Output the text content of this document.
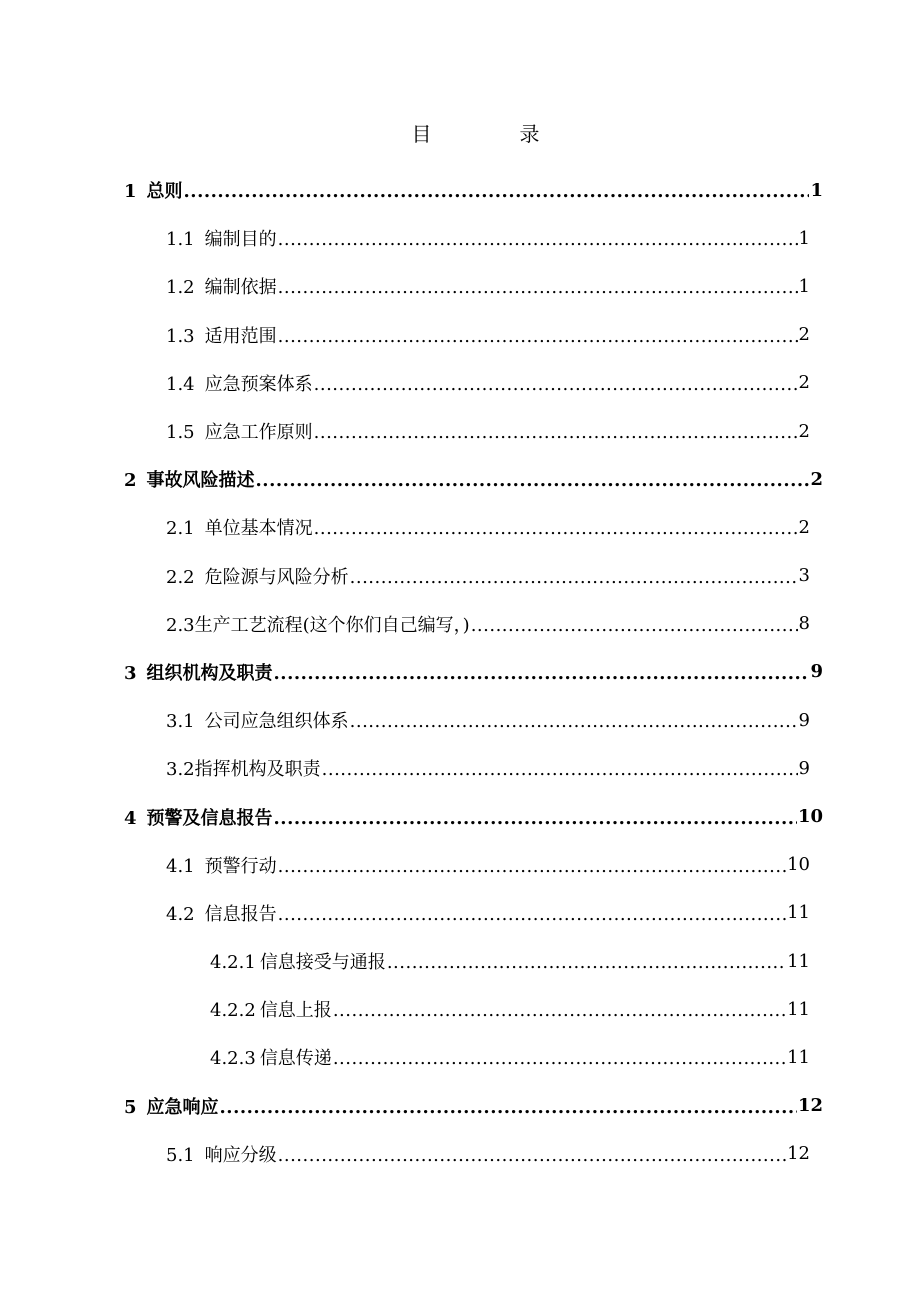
目　录
1 总则 .....	1
1.1 编制目的 .....	1
1.2 编制依据 .....	1
1.3 适用范围 .....	2
1.4 应急预案体系 .....	2
1.5 应急工作原则 .....	2
2 事故风险描述 .....	2
2.1 单位基本情况 .....	2
2.2 危险源与风险分析 .....	3
2.3生产工艺流程(这个你们自己编写，) .....	8
3 组织机构及职责 .....	9
3.1 公司应急组织体系 .....	9
3.2指挥机构及职责 .....	9
4 预警及信息报告 .....	10
4.1 预警行动 .....	10
4.2 信息报告 .....	11
4.2.1 信息接受与通报 .....	11
4.2.2 信息上报 .....	11
4.2.3 信息传递 .....	11
5 应急响应 .....	12
5.1 响应分级 .....	12
